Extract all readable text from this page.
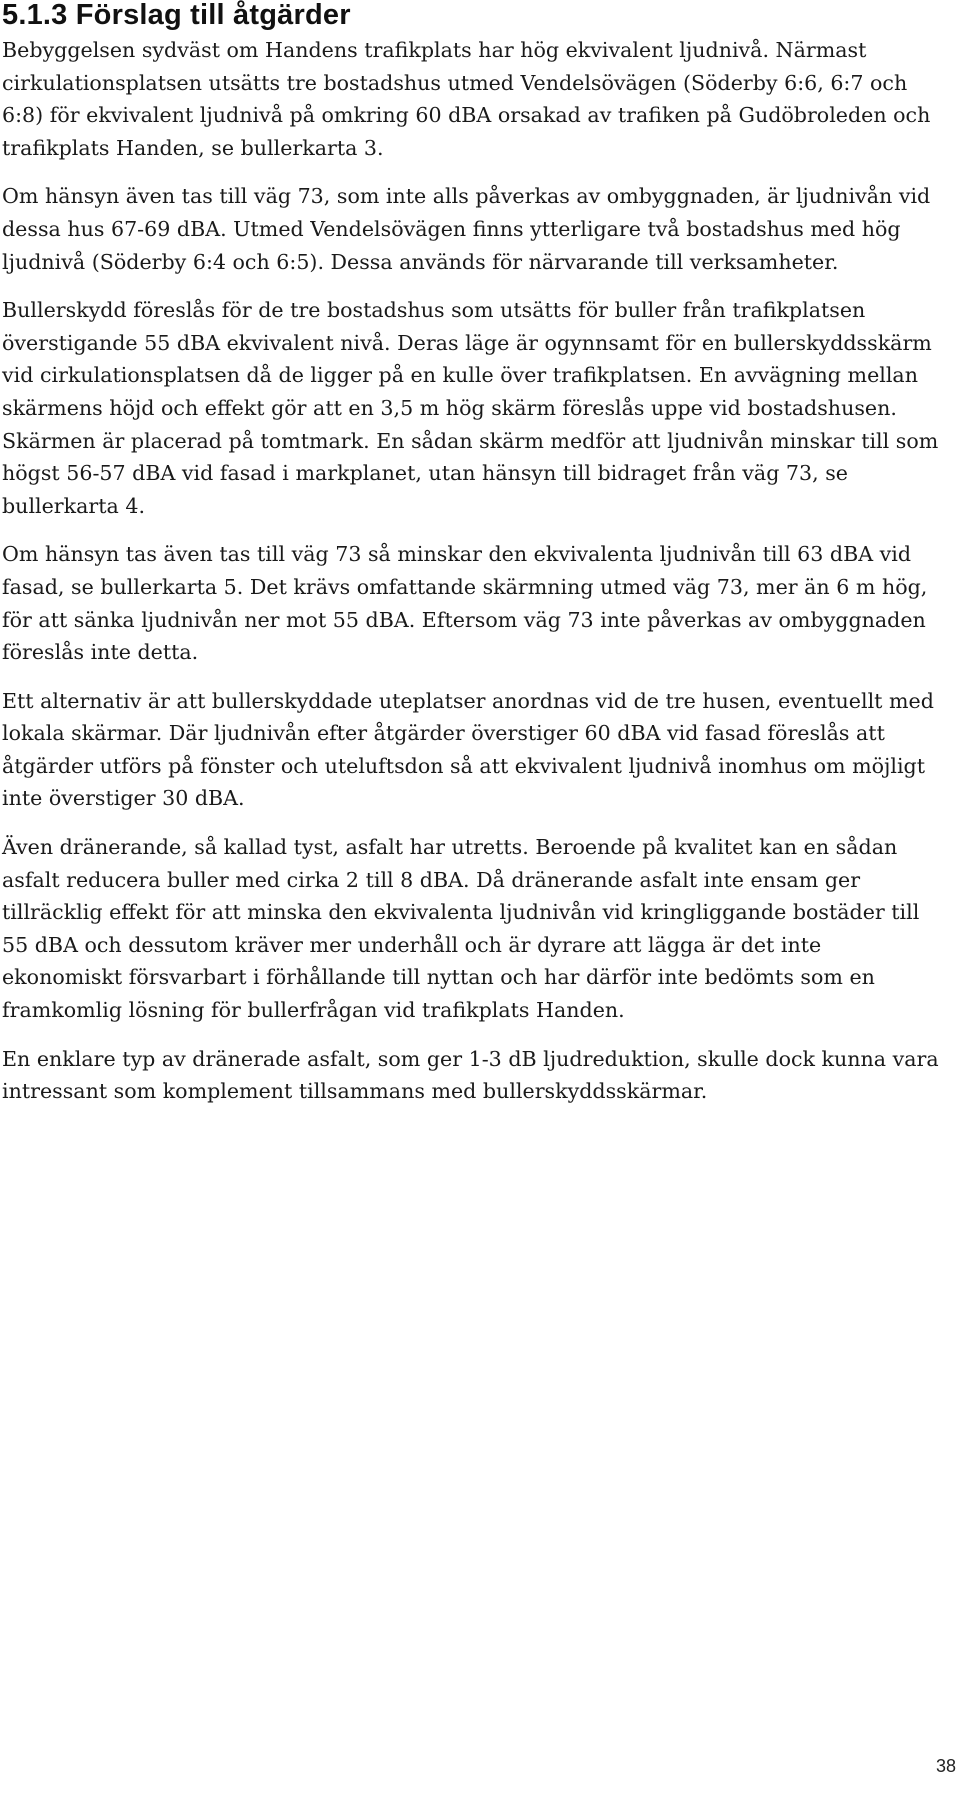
5.1.3 Förslag till åtgärder

Bebyggelsen sydväst om Handens trafikplats har hög ekvivalent ljudnivå. Närmast cirkulationsplatsen utsätts tre bostadshus utmed Vendelsövägen (Söderby 6:6, 6:7 och 6:8) för ekvivalent ljudnivå på omkring 60 dBA orsakad av trafiken på Gudöbroleden och trafikplats Handen, se bullerkarta 3.

Om hänsyn även tas till väg 73, som inte alls påverkas av ombyggnaden, är ljudnivån vid dessa hus 67-69 dBA. Utmed Vendelsövägen finns ytterligare två bostadshus med hög ljudnivå (Söderby 6:4 och 6:5). Dessa används för närvarande till verksamheter.

Bullerskydd föreslås för de tre bostadshus som utsätts för buller från trafikplatsen överstigande 55 dBA ekvivalent nivå. Deras läge är ogynnsamt för en bullerskyddsskärm vid cirkulationsplatsen då de ligger på en kulle över trafikplatsen. En avvägning mellan skärmens höjd och effekt gör att en 3,5 m hög skärm föreslås uppe vid bostadshusen. Skärmen är placerad på tomtmark. En sådan skärm medför att ljudnivån minskar till som högst 56-57 dBA vid fasad i markplanet, utan hänsyn till bidraget från väg 73, se bullerkarta 4.

Om hänsyn tas även tas till väg 73 så minskar den ekvivalenta ljudnivån till 63 dBA vid fasad, se bullerkarta 5. Det krävs omfattande skärmning utmed väg 73, mer än 6 m hög, för att sänka ljudnivån ner mot 55 dBA. Eftersom väg 73 inte påverkas av ombyggnaden föreslås inte detta.

Ett alternativ är att bullerskyddade uteplatser anordnas vid de tre husen, eventuellt med lokala skärmar. Där ljudnivån efter åtgärder överstiger 60 dBA vid fasad föreslås att åtgärder utförs på fönster och uteluftsdon så att ekvivalent ljudnivå inomhus om möjligt inte överstiger 30 dBA.

Även dränerande, så kallad tyst, asfalt har utretts. Beroende på kvalitet kan en sådan asfalt reducera buller med cirka 2 till 8 dBA. Då dränerande asfalt inte ensam ger tillräcklig effekt för att minska den ekvivalenta ljudnivån vid kringliggande bostäder till 55 dBA och dessutom kräver mer underhåll och är dyrare att lägga är det inte ekonomiskt försvarbart i förhållande till nyttan och har därför inte bedömts som en framkomlig lösning för bullerfrågan vid trafikplats Handen.

En enklare typ av dränerade asfalt, som ger 1-3 dB ljudreduktion, skulle dock kunna vara intressant som komplement tillsammans med bullerskyddsskärmar.

38
